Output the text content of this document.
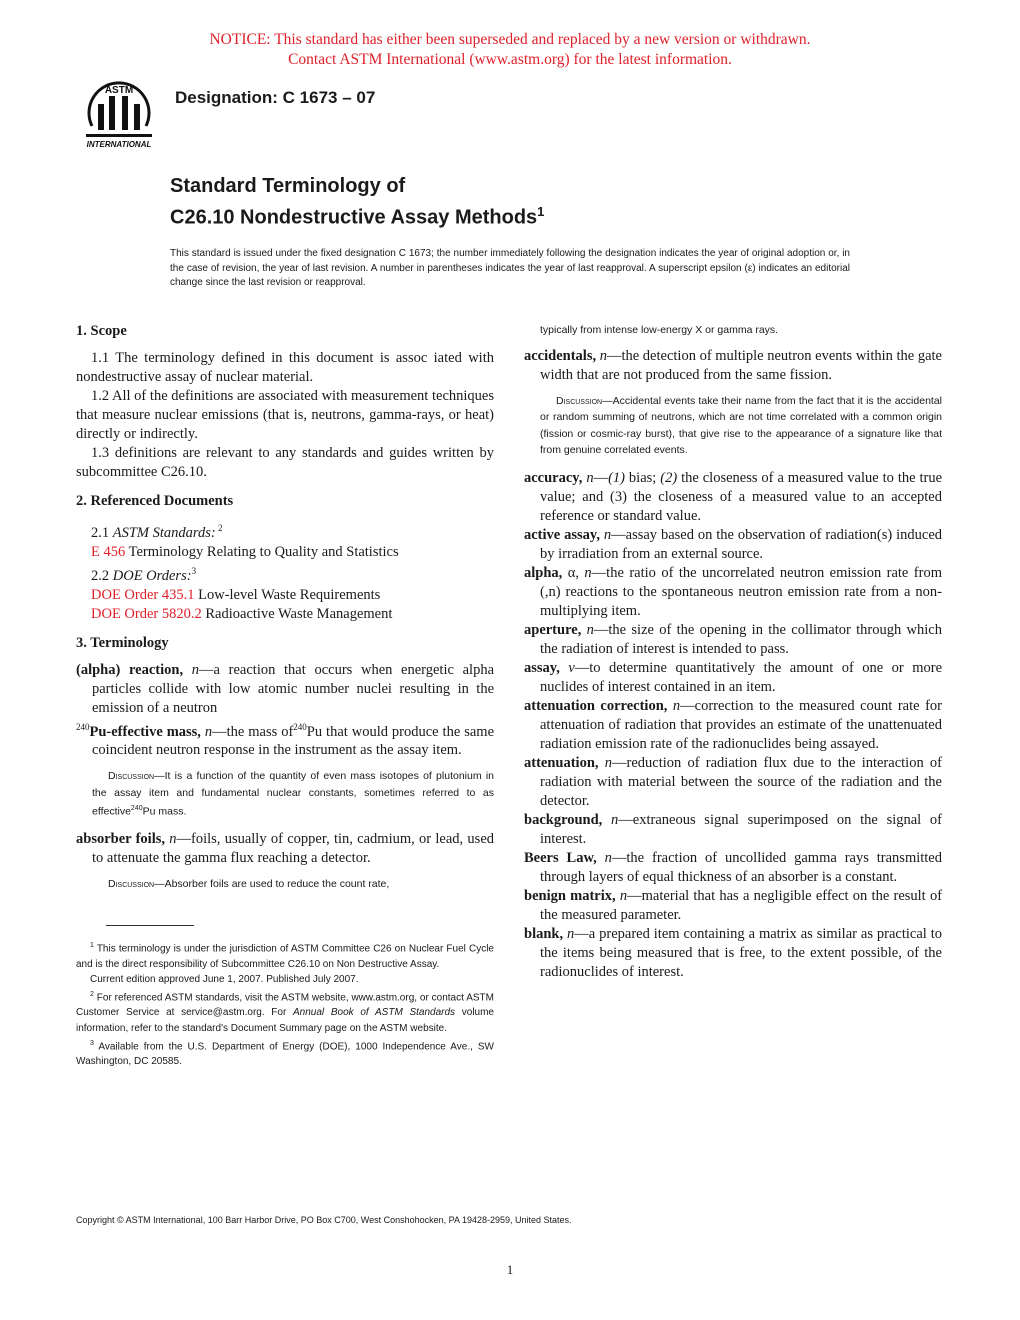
NOTICE: This standard has either been superseded and replaced by a new version or withdrawn.
Contact ASTM International (www.astm.org) for the latest information.
ASTM
INTERNATIONAL
Designation: C 1673 – 07
Standard Terminology of
C26.10 Nondestructive Assay Methods$^1$
This standard is issued under the fixed designation C 1673; the number immediately following the designation indicates the year of original adoption or, in the case of revision, the year of last revision. A number in parentheses indicates the year of last reapproval. A superscript epsilon (ε) indicates an editorial change since the last revision or reapproval.

1. Scope

1.1 The terminology defined in this document is assoc iated with nondestructive assay of nuclear material.

1.2 All of the definitions are associated with measurement techniques that measure nuclear emissions (that is, neutrons, gamma-rays, or heat) directly or indirectly.

1.3 definitions are relevant to any standards and guides written by subcommittee C26.10.

2. Referenced Documents

2.1 ASTM Standards: $^2$

E 456 Terminology Relating to Quality and Statistics

2.2 DOE Orders:$^3$

DOE Order 435.1 Low-level Waste Requirements

DOE Order 5820.2 Radioactive Waste Management

3. Terminology

(alpha) reaction, n—a reaction that occurs when energetic alpha particles collide with low atomic number nuclei resulting in the emission of a neutron

$^{240}$Pu-effective mass, n—the mass $of^{240}Pu$ that would produce the same coincident neutron response in the instrument as the assay item.

Discussion—It is a function of the quantity of even mass isotopes of plutonium in the assay item and fundamental nuclear constants, sometimes referred to as effective$^{240}$Pu mass.

absorber foils, n—foils, usually of copper, tin, cadmium, or lead, used to attenuate the gamma flux reaching a detector.

Discussion—Absorber foils are used to reduce the count rate,

$^1$ This terminology is under the jurisdiction of ASTM Committee C26 on Nuclear Fuel Cycle and is the direct responsibility of Subcommittee C26.10 on Non Destructive Assay.

Current edition approved June 1, 2007. Published July 2007.

$^2$ For referenced ASTM standards, visit the ASTM website, www.astm.org, or contact ASTM Customer Service at service@astm.org. For Annual Book of ASTM Standards volume information, refer to the standard's Document Summary page on the ASTM website.

$^3$ Available from the U.S. Department of Energy (DOE), 1000 Independence Ave., SW Washington, DC 20585.

typically from intense low-energy X or gamma rays.

accidentals, n—the detection of multiple neutron events within the gate width that are not produced from the same fission.

Discussion—Accidental events take their name from the fact that it is the accidental or random summing of neutrons, which are not time correlated with a common origin (fission or cosmic-ray burst), that give rise to the appearance of a signature like that from genuine correlated events.

accuracy, n—(1) bias; (2) the closeness of a measured value to the true value; and (3) the closeness of a measured value to an accepted reference or standard value.

active assay, n—assay based on the observation of radiation(s) induced by irradiation from an external source.

alpha, α, n—the ratio of the uncorrelated neutron emission rate from (,n) reactions to the spontaneous neutron emission rate from a non-multiplying item.

aperture, n—the size of the opening in the collimator through which the radiation of interest is intended to pass.

assay, v—to determine quantitatively the amount of one or more nuclides of interest contained in an item.

attenuation correction, n—correction to the measured count rate for attenuation of radiation that provides an estimate of the unattenuated radiation emission rate of the radionuclides being assayed.

attenuation, n—reduction of radiation flux due to the interaction of radiation with material between the source of the radiation and the detector.

background, n—extraneous signal superimposed on the signal of interest.

Beers Law, n—the fraction of uncollided gamma rays transmitted through layers of equal thickness of an absorber is a constant.

benign matrix, n—material that has a negligible effect on the result of the measured parameter.

blank, n—a prepared item containing a matrix as similar as practical to the items being measured that is free, to the extent possible, of the radionuclides of interest.

Copyright © ASTM International, 100 Barr Harbor Drive, PO Box C700, West Conshohocken, PA 19428-2959, United States.
1
